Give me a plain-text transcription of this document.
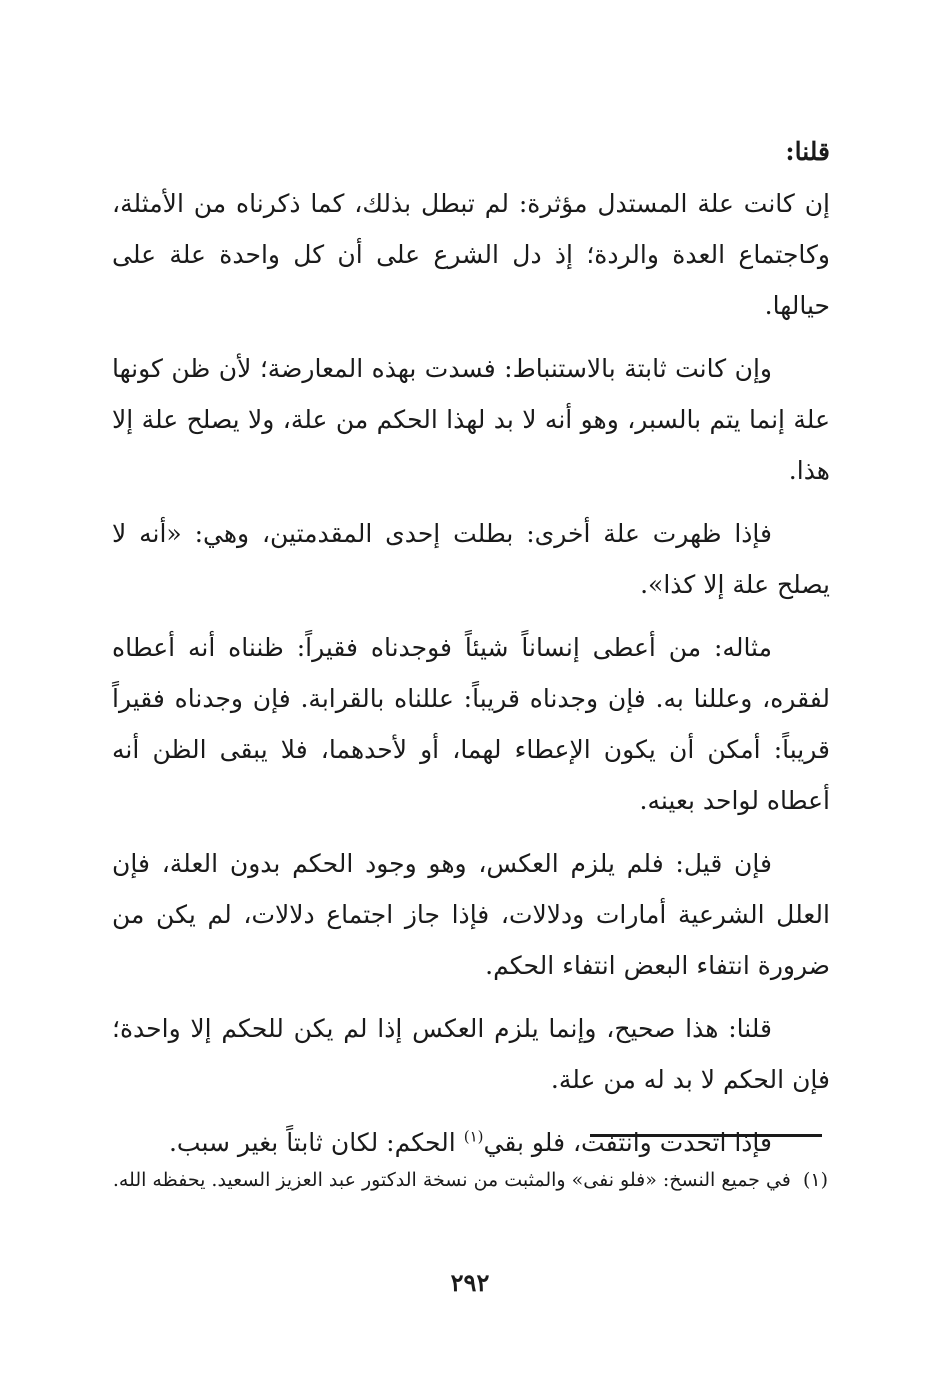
قلنا:

إن كانت علة المستدل مؤثرة: لم تبطل بذلك، كما ذكرناه من الأمثلة، وكاجتماع العدة والردة؛ إذ دل الشرع على أن كل واحدة علة على حيالها.

وإن كانت ثابتة بالاستنباط: فسدت بهذه المعارضة؛ لأن ظن كونها علة إنما يتم بالسبر، وهو أنه لا بد لهذا الحكم من علة، ولا يصلح علة إلا هذا.

فإذا ظهرت علة أخرى: بطلت إحدى المقدمتين، وهي: «أنه لا يصلح علة إلا كذا».

مثاله: من أعطى إنساناً شيئاً فوجدناه فقيراً: ظنناه أنه أعطاه لفقره، وعللنا به. فإن وجدناه قريباً: عللناه بالقرابة. فإن وجدناه فقيراً قريباً: أمكن أن يكون الإعطاء لهما، أو لأحدهما، فلا يبقى الظن أنه أعطاه لواحد بعينه.

فإن قيل: فلم يلزم العكس، وهو وجود الحكم بدون العلة، فإن العلل الشرعية أمارات ودلالات، فإذا جاز اجتماع دلالات، لم يكن من ضرورة انتفاء البعض انتفاء الحكم.

قلنا: هذا صحيح، وإنما يلزم العكس إذا لم يكن للحكم إلا واحدة؛ فإن الحكم لا بد له من علة.

فإذا اتحدت وانتفت، فلو بقي$^{(١)}$ الحكم: لكان ثابتاً بغير سبب.

(١) في جميع النسخ: «فلو نفى» والمثبت من نسخة الدكتور عبد العزيز السعيد. يحفظه الله.
٢٩٢
